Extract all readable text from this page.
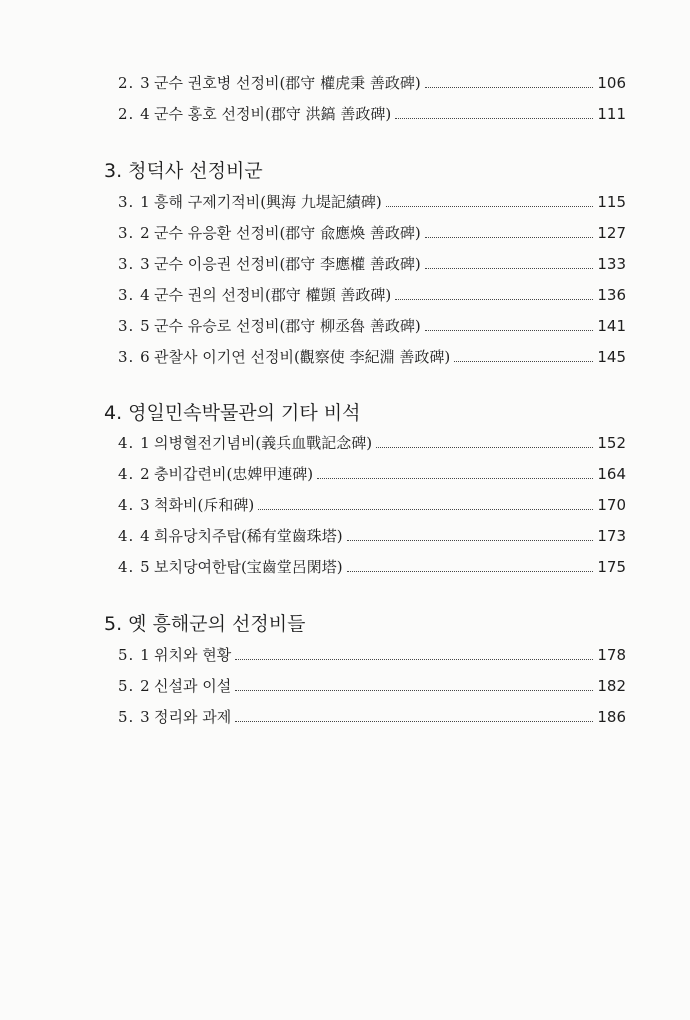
2. 3 군수 권호병 선정비(郡守 權虎秉 善政碑)	106
2. 4 군수 홍호 선정비(郡守 洪鎬 善政碑)	111
3. 청덕사 선정비군
3. 1 흥해 구제기적비(興海 九堤記績碑)	115
3. 2 군수 유응환 선정비(郡守 兪應煥 善政碑)	127
3. 3 군수 이응권 선정비(郡守 李應權 善政碑)	133
3. 4 군수 권의 선정비(郡守 權顗 善政碑)	136
3. 5 군수 유승로 선정비(郡守 柳丞魯 善政碑)	141
3. 6 관찰사 이기연 선정비(觀察使 李紀淵 善政碑)	145
4. 영일민속박물관의 기타 비석
4. 1 의병혈전기념비(義兵血戰記念碑)	152
4. 2 충비갑련비(忠婢甲連碑)	164
4. 3 척화비(斥和碑)	170
4. 4 희유당치주탑(稀有堂齒珠塔)	173
4. 5 보치당여한탑(宝齒堂呂閑塔)	175
5. 옛 흥해군의 선정비들
5. 1 위치와 현황	178
5. 2 신설과 이설	182
5. 3 정리와 과제	186
